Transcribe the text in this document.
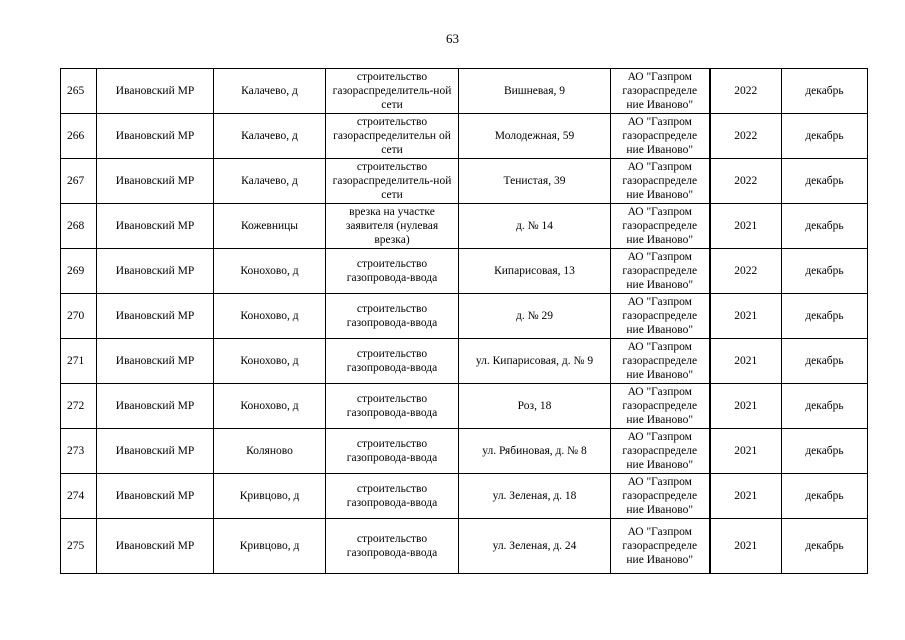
63
265	Ивановский МР	Калачево, д	строительство газораспределитель-ной сети	Вишневая, 9	АО "Газпром газораспределе ние Иваново"	2022	декабрь
266	Ивановский МР	Калачево, д	строительство газораспределительн ой сети	Молодежная, 59	АО "Газпром газораспределе ние Иваново"	2022	декабрь
267	Ивановский МР	Калачево, д	строительство газораспределитель-ной сети	Тенистая, 39	АО "Газпром газораспределе ние Иваново"	2022	декабрь
268	Ивановский МР	Кожевницы	врезка на участке заявителя (нулевая врезка)	д. № 14	АО "Газпром газораспределе ние Иваново"	2021	декабрь
269	Ивановский МР	Конохово, д	строительство газопровода-ввода	Кипарисовая, 13	АО "Газпром газораспределе ние Иваново"	2022	декабрь
270	Ивановский МР	Конохово, д	строительство газопровода-ввода	д. № 29	АО "Газпром газораспределе ние Иваново"	2021	декабрь
271	Ивановский МР	Конохово, д	строительство газопровода-ввода	ул. Кипарисовая, д. № 9	АО "Газпром газораспределе ние Иваново"	2021	декабрь
272	Ивановский МР	Конохово, д	строительство газопровода-ввода	Роз, 18	АО "Газпром газораспределе ние Иваново"	2021	декабрь
273	Ивановский МР	Коляново	строительство газопровода-ввода	ул. Рябиновая, д. № 8	АО "Газпром газораспределе ние Иваново"	2021	декабрь
274	Ивановский МР	Кривцово, д	строительство газопровода-ввода	ул. Зеленая, д. 18	АО "Газпром газораспределе ние Иваново"	2021	декабрь
275	Ивановский МР	Кривцово, д	строительство газопровода-ввода	ул. Зеленая, д. 24	АО "Газпром газораспределе ние Иваново"	2021	декабрь
